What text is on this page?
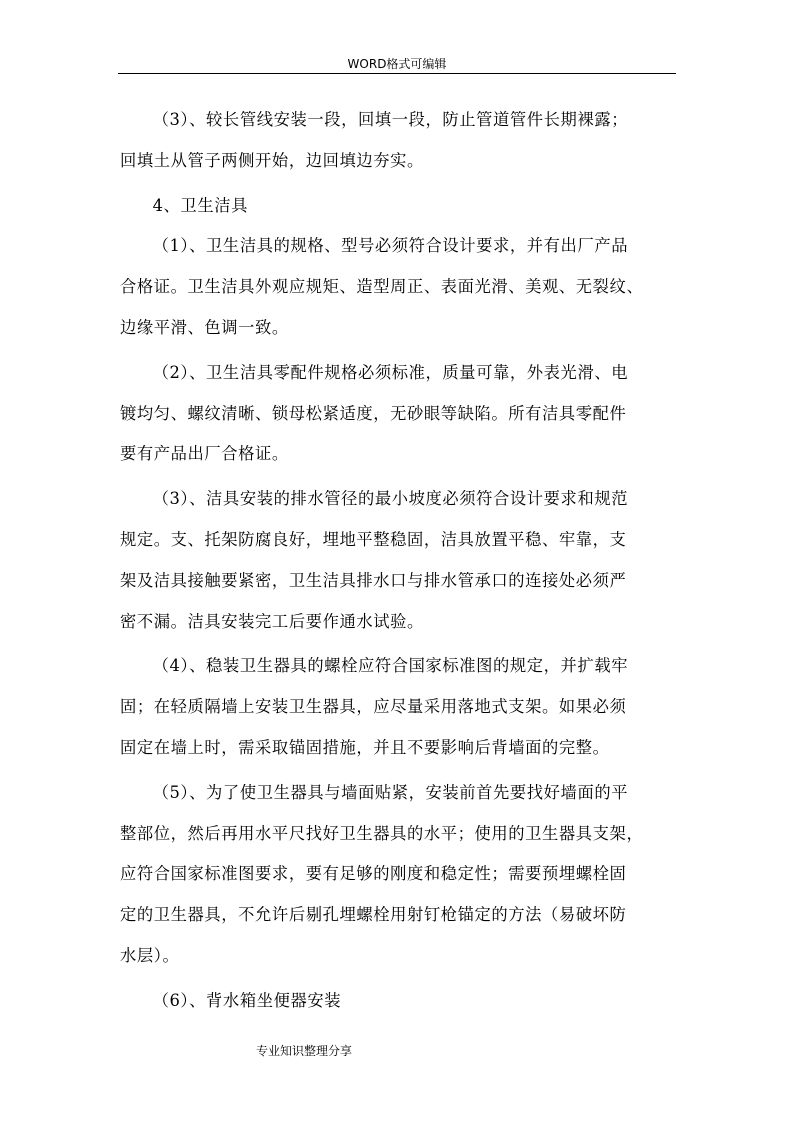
WORD格式可编辑

（3）、较长管线安装一段，回填一段，防止管道管件长期裸露；
回填土从管子两侧开始，边回填边夯实。

4、卫生洁具

（1）、卫生洁具的规格、型号必须符合设计要求，并有出厂产品
合格证。卫生洁具外观应规矩、造型周正、表面光滑、美观、无裂纹、
边缘平滑、色调一致。

（2）、卫生洁具零配件规格必须标准，质量可靠，外表光滑、电
镀均匀、螺纹清晰、锁母松紧适度，无砂眼等缺陷。所有洁具零配件
要有产品出厂合格证。

（3）、洁具安装的排水管径的最小坡度必须符合设计要求和规范
规定。支、托架防腐良好，埋地平整稳固，洁具放置平稳、牢靠，支
架及洁具接触要紧密，卫生洁具排水口与排水管承口的连接处必须严
密不漏。洁具安装完工后要作通水试验。

（4）、稳装卫生器具的螺栓应符合国家标准图的规定，并扩载牢
固；在轻质隔墙上安装卫生器具，应尽量采用落地式支架。如果必须
固定在墙上时，需采取锚固措施，并且不要影响后背墙面的完整。

（5）、为了使卫生器具与墙面贴紧，安装前首先要找好墙面的平
整部位，然后再用水平尺找好卫生器具的水平；使用的卫生器具支架，
应符合国家标准图要求，要有足够的刚度和稳定性；需要预埋螺栓固
定的卫生器具，不允许后剔孔埋螺栓用射钉枪锚定的方法（易破坏防
水层）。

（6）、背水箱坐便器安装

专业知识整理分享
